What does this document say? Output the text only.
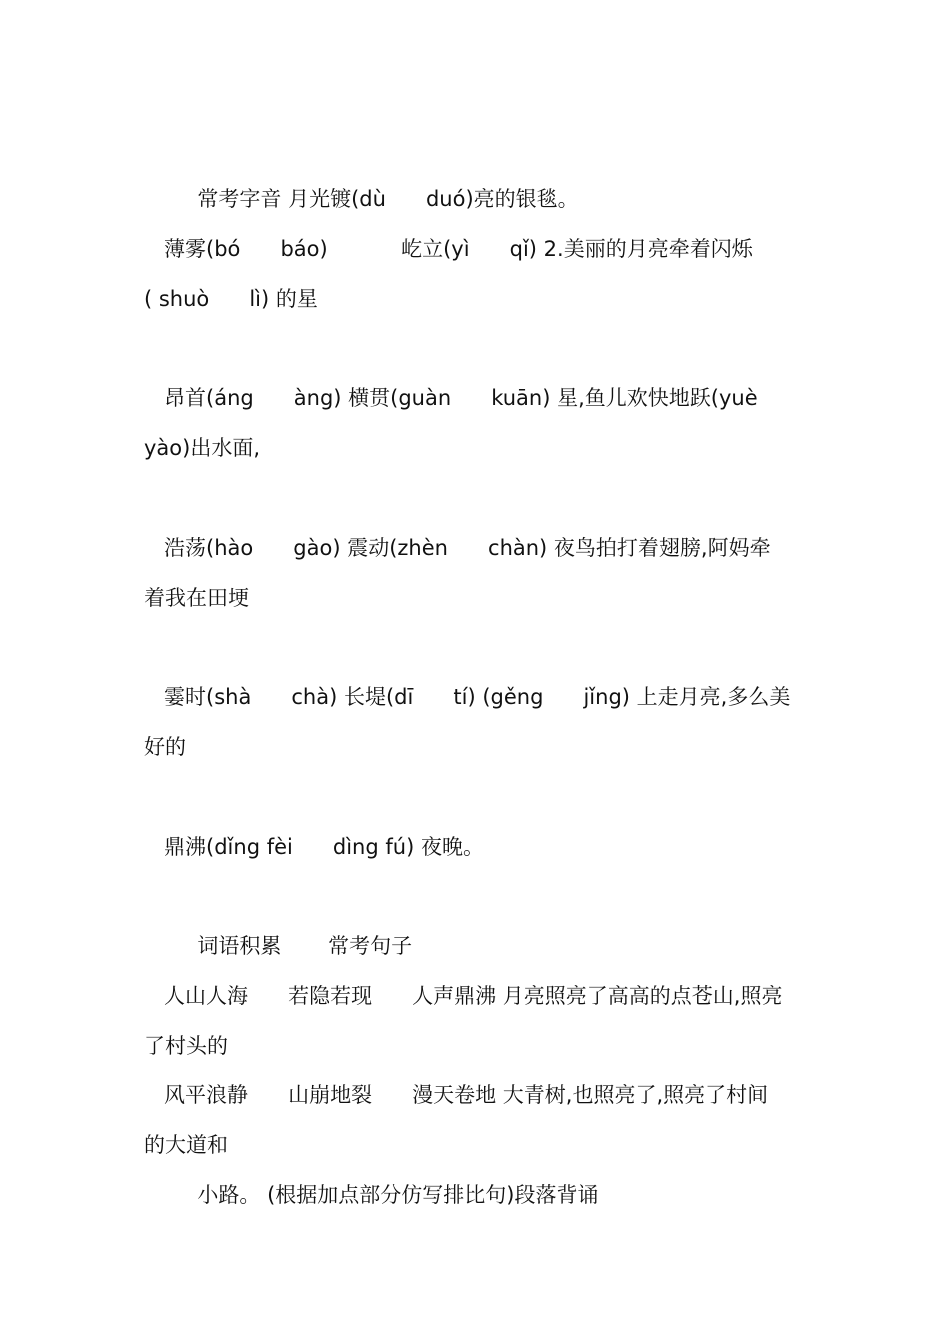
常考字音 月光镀(dù      duó)亮的银毯。
薄雾(bó      báo)           屹立(yì      qǐ) 2.美丽的月亮牵着闪烁
( shuò      lì) 的星
昂首(áng      àng) 横贯(guàn      kuān) 星,鱼儿欢快地跃(yuè
yào)出水面,
浩荡(hào      gào) 震动(zhèn      chàn) 夜鸟拍打着翅膀,阿妈牵
着我在田埂
霎时(shà      chà) 长堤(dī      tí) (gěng      jǐng) 上走月亮,多么美
好的
鼎沸(dǐng fèi      dìng fú) 夜晚。
词语积累       常考句子
人山人海      若隐若现      人声鼎沸 月亮照亮了高高的点苍山,照亮
了村头的
风平浪静      山崩地裂      漫天卷地 大青树,也照亮了,照亮了村间
的大道和
小路。 (根据加点部分仿写排比句)段落背诵
